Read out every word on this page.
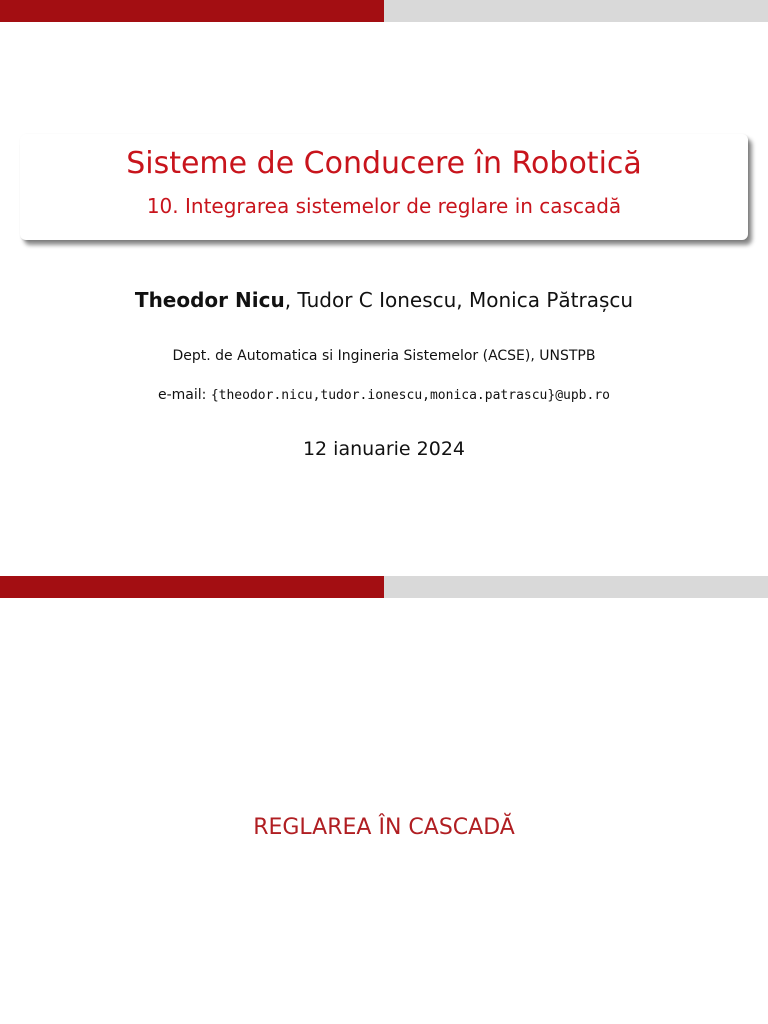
Sisteme de Conducere în Robotică
10. Integrarea sistemelor de reglare in cascadă
Theodor Nicu, Tudor C Ionescu, Monica Pătrașcu
Dept. de Automatica si Ingineria Sistemelor (ACSE), UNSTPB
e-mail: {theodor.nicu,tudor.ionescu,monica.patrascu}@upb.ro
12 ianuarie 2024
REGLAREA ÎN CASCADĂ
